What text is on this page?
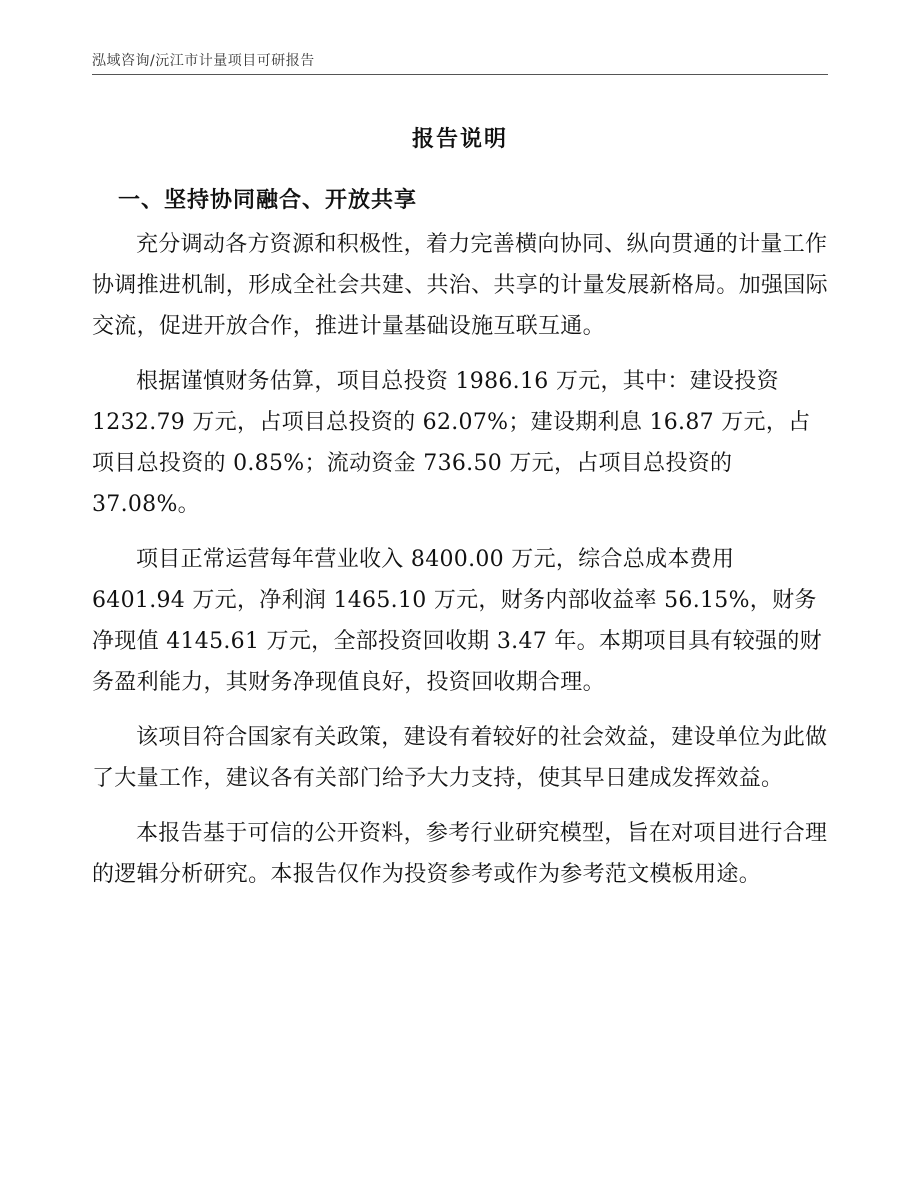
泓域咨询/沅江市计量项目可研报告
报告说明
一、坚持协同融合、开放共享

充分调动各方资源和积极性，着力完善横向协同、纵向贯通的计量工作协调推进机制，形成全社会共建、共治、共享的计量发展新格局。加强国际交流，促进开放合作，推进计量基础设施互联互通。

根据谨慎财务估算，项目总投资 1986.16 万元，其中：建设投资 1232.79 万元，占项目总投资的 62.07%；建设期利息 16.87 万元，占项目总投资的 0.85%；流动资金 736.50 万元，占项目总投资的 37.08%。

项目正常运营每年营业收入 8400.00 万元，综合总成本费用 6401.94 万元，净利润 1465.10 万元，财务内部收益率 56.15%，财务净现值 4145.61 万元，全部投资回收期 3.47 年。本期项目具有较强的财务盈利能力，其财务净现值良好，投资回收期合理。

该项目符合国家有关政策，建设有着较好的社会效益，建设单位为此做了大量工作，建议各有关部门给予大力支持，使其早日建成发挥效益。

本报告基于可信的公开资料，参考行业研究模型，旨在对项目进行合理的逻辑分析研究。本报告仅作为投资参考或作为参考范文模板用途。
